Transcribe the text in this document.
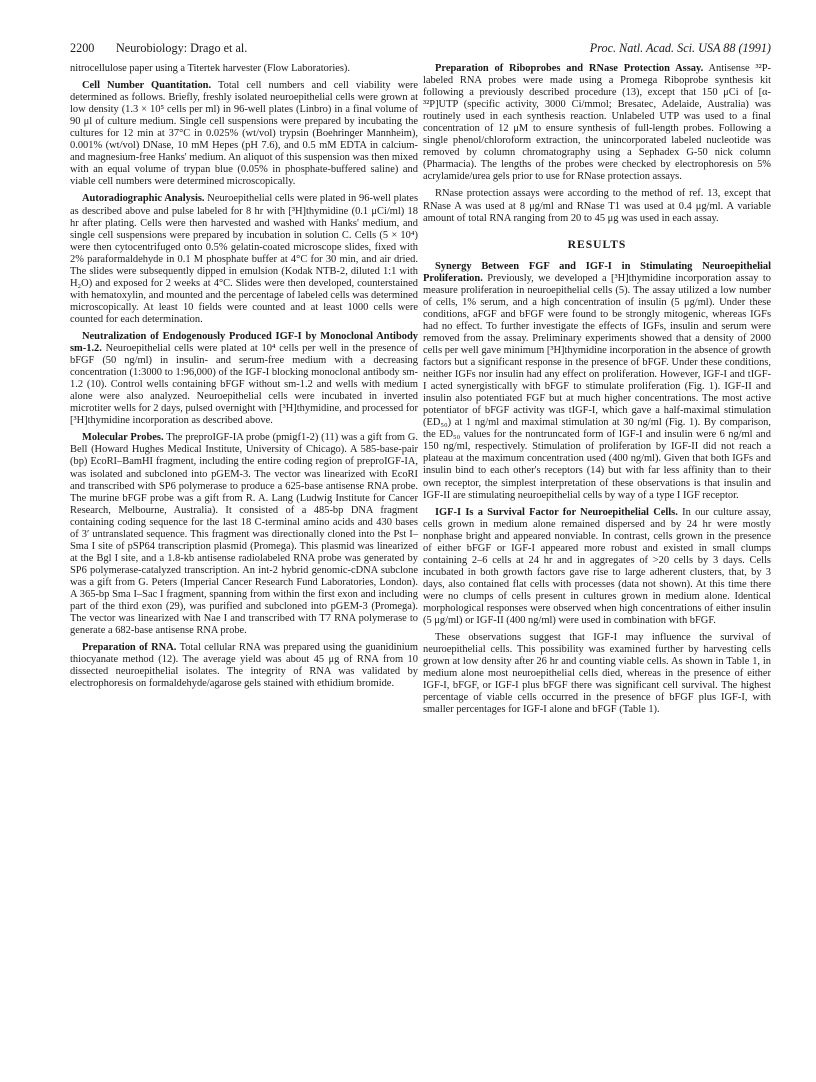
2200 Neurobiology: Drago et al.	Proc. Natl. Acad. Sci. USA 88 (1991)

nitrocellulose paper using a Titertek harvester (Flow Laboratories).

Cell Number Quantitation. Total cell numbers and cell viability were determined as follows. Briefly, freshly isolated neuroepithelial cells were grown at low density (1.3 × 10⁵ cells per ml) in 96-well plates (Linbro) in a final volume of 90 μl of culture medium. Single cell suspensions were prepared by incubating the cultures for 12 min at 37°C in 0.025% (wt/vol) trypsin (Boehringer Mannheim), 0.001% (wt/vol) DNase, 10 mM Hepes (pH 7.6), and 0.5 mM EDTA in calcium- and magnesium-free Hanks' medium. An aliquot of this suspension was then mixed with an equal volume of trypan blue (0.05% in phosphate-buffered saline) and viable cell numbers were determined microscopically.

Autoradiographic Analysis. Neuroepithelial cells were plated in 96-well plates as described above and pulse labeled for 8 hr with [³H]thymidine (0.1 μCi/ml) 18 hr after plating. Cells were then harvested and washed with Hanks' medium, and single cell suspensions were prepared by incubation in solution C. Cells (5 × 10⁴) were then cytocentrifuged onto 0.5% gelatin-coated microscope slides, fixed with 2% paraformaldehyde in 0.1 M phosphate buffer at 4°C for 30 min, and air dried. The slides were subsequently dipped in emulsion (Kodak NTB-2, diluted 1:1 with H₂O) and exposed for 2 weeks at 4°C. Slides were then developed, counterstained with hematoxylin, and mounted and the percentage of labeled cells was determined microscopically. At least 10 fields were counted and at least 1000 cells were counted for each determination.

Neutralization of Endogenously Produced IGF-I by Monoclonal Antibody sm-1.2. Neuroepithelial cells were plated at 10⁴ cells per well in the presence of bFGF (50 ng/ml) in insulin- and serum-free medium with a decreasing concentration (1:3000 to 1:96,000) of the IGF-I blocking monoclonal antibody sm-1.2 (10). Control wells containing bFGF without sm-1.2 and wells with medium alone were also analyzed. Neuroepithelial cells were incubated in inverted microtiter wells for 2 days, pulsed overnight with [³H]thymidine, and processed for [³H]thymidine incorporation as described above.

Molecular Probes. The preproIGF-IA probe (pmigf1-2) (11) was a gift from G. Bell (Howard Hughes Medical Institute, University of Chicago). A 585-base-pair (bp) EcoRI–BamHI fragment, including the entire coding region of preproIGF-IA, was isolated and subcloned into pGEM-3. The vector was linearized with EcoRI and transcribed with SP6 polymerase to produce a 625-base antisense RNA probe. The murine bFGF probe was a gift from R. A. Lang (Ludwig Institute for Cancer Research, Melbourne, Australia). It consisted of a 485-bp DNA fragment containing coding sequence for the last 18 C-terminal amino acids and 430 bases of 3′ untranslated sequence. This fragment was directionally cloned into the Pst I–Sma I site of pSP64 transcription plasmid (Promega). This plasmid was linearized at the Bgl I site, and a 1.8-kb antisense radiolabeled RNA probe was generated by SP6 polymerase-catalyzed transcription. An int-2 hybrid genomic-cDNA subclone was a gift from G. Peters (Imperial Cancer Research Fund Laboratories, London). A 365-bp Sma I–Sac I fragment, spanning from within the first exon and including part of the third exon (29), was purified and subcloned into pGEM-3 (Promega). The vector was linearized with Nae I and transcribed with T7 RNA polymerase to generate a 682-base antisense RNA probe.

Preparation of RNA. Total cellular RNA was prepared using the guanidinium thiocyanate method (12). The average yield was about 45 μg of RNA from 10 dissected neuroepithelial isolates. The integrity of RNA was validated by electrophoresis on formaldehyde/agarose gels stained with ethidium bromide.

Preparation of Riboprobes and RNase Protection Assay. Antisense ³²P-labeled RNA probes were made using a Promega Riboprobe synthesis kit following a previously described procedure (13), except that 150 μCi of [α-³²P]UTP (specific activity, 3000 Ci/mmol; Bresatec, Adelaide, Australia) was routinely used in each synthesis reaction. Unlabeled UTP was used to a final concentration of 12 μM to ensure synthesis of full-length probes. Following a single phenol/chloroform extraction, the unincorporated labeled nucleotide was removed by column chromatography using a Sephadex G-50 nick column (Pharmacia). The lengths of the probes were checked by electrophoresis on 5% acrylamide/urea gels prior to use for RNase protection assays.

RNase protection assays were according to the method of ref. 13, except that RNase A was used at 8 μg/ml and RNase T1 was used at 0.4 μg/ml. A variable amount of total RNA ranging from 20 to 45 μg was used in each assay.

RESULTS

Synergy Between FGF and IGF-I in Stimulating Neuroepithelial Proliferation. Previously, we developed a [³H]thymidine incorporation assay to measure proliferation in neuroepithelial cells (5). The assay utilized a low number of cells, 1% serum, and a high concentration of insulin (5 μg/ml). Under these conditions, aFGF and bFGF were found to be strongly mitogenic, whereas IGFs had no effect. To further investigate the effects of IGFs, insulin and serum were removed from the assay. Preliminary experiments showed that a density of 2000 cells per well gave minimum [³H]thymidine incorporation in the absence of growth factors but a significant response in the presence of bFGF. Under these conditions, neither IGFs nor insulin had any effect on proliferation. However, IGF-I and tIGF-I acted synergistically with bFGF to stimulate proliferation (Fig. 1). IGF-II and insulin also potentiated FGF but at much higher concentrations. The most active potentiator of bFGF activity was tIGF-I, which gave a half-maximal stimulation (ED₅₀) at 1 ng/ml and maximal stimulation at 30 ng/ml (Fig. 1). By comparison, the ED₅₀ values for the nontruncated form of IGF-I and insulin were 6 ng/ml and 150 ng/ml, respectively. Stimulation of proliferation by IGF-II did not reach a plateau at the maximum concentration used (400 ng/ml). Given that both IGFs and insulin bind to each other's receptors (14) but with far less affinity than to their own receptor, the simplest interpretation of these observations is that insulin and IGF-II are stimulating neuroepithelial cells by way of a type I IGF receptor.

IGF-I Is a Survival Factor for Neuroepithelial Cells. In our culture assay, cells grown in medium alone remained dispersed and by 24 hr were mostly nonphase bright and appeared nonviable. In contrast, cells grown in the presence of either bFGF or IGF-I appeared more robust and existed in small clumps containing 2–6 cells at 24 hr and in aggregates of >20 cells by 3 days. Cells incubated in both growth factors gave rise to large adherent clusters, that, by 3 days, also contained flat cells with processes (data not shown). At this time there were no clumps of cells present in cultures grown in medium alone. Identical morphological responses were observed when high concentrations of either insulin (5 μg/ml) or IGF-II (400 ng/ml) were used in combination with bFGF.

These observations suggest that IGF-I may influence the survival of neuroepithelial cells. This possibility was examined further by harvesting cells grown at low density after 26 hr and counting viable cells. As shown in Table 1, in medium alone most neuroepithelial cells died, whereas in the presence of either IGF-I, bFGF, or IGF-I plus bFGF there was significant cell survival. The highest percentage of viable cells occurred in the presence of bFGF plus IGF-I, with smaller percentages for IGF-I alone and bFGF (Table 1).
